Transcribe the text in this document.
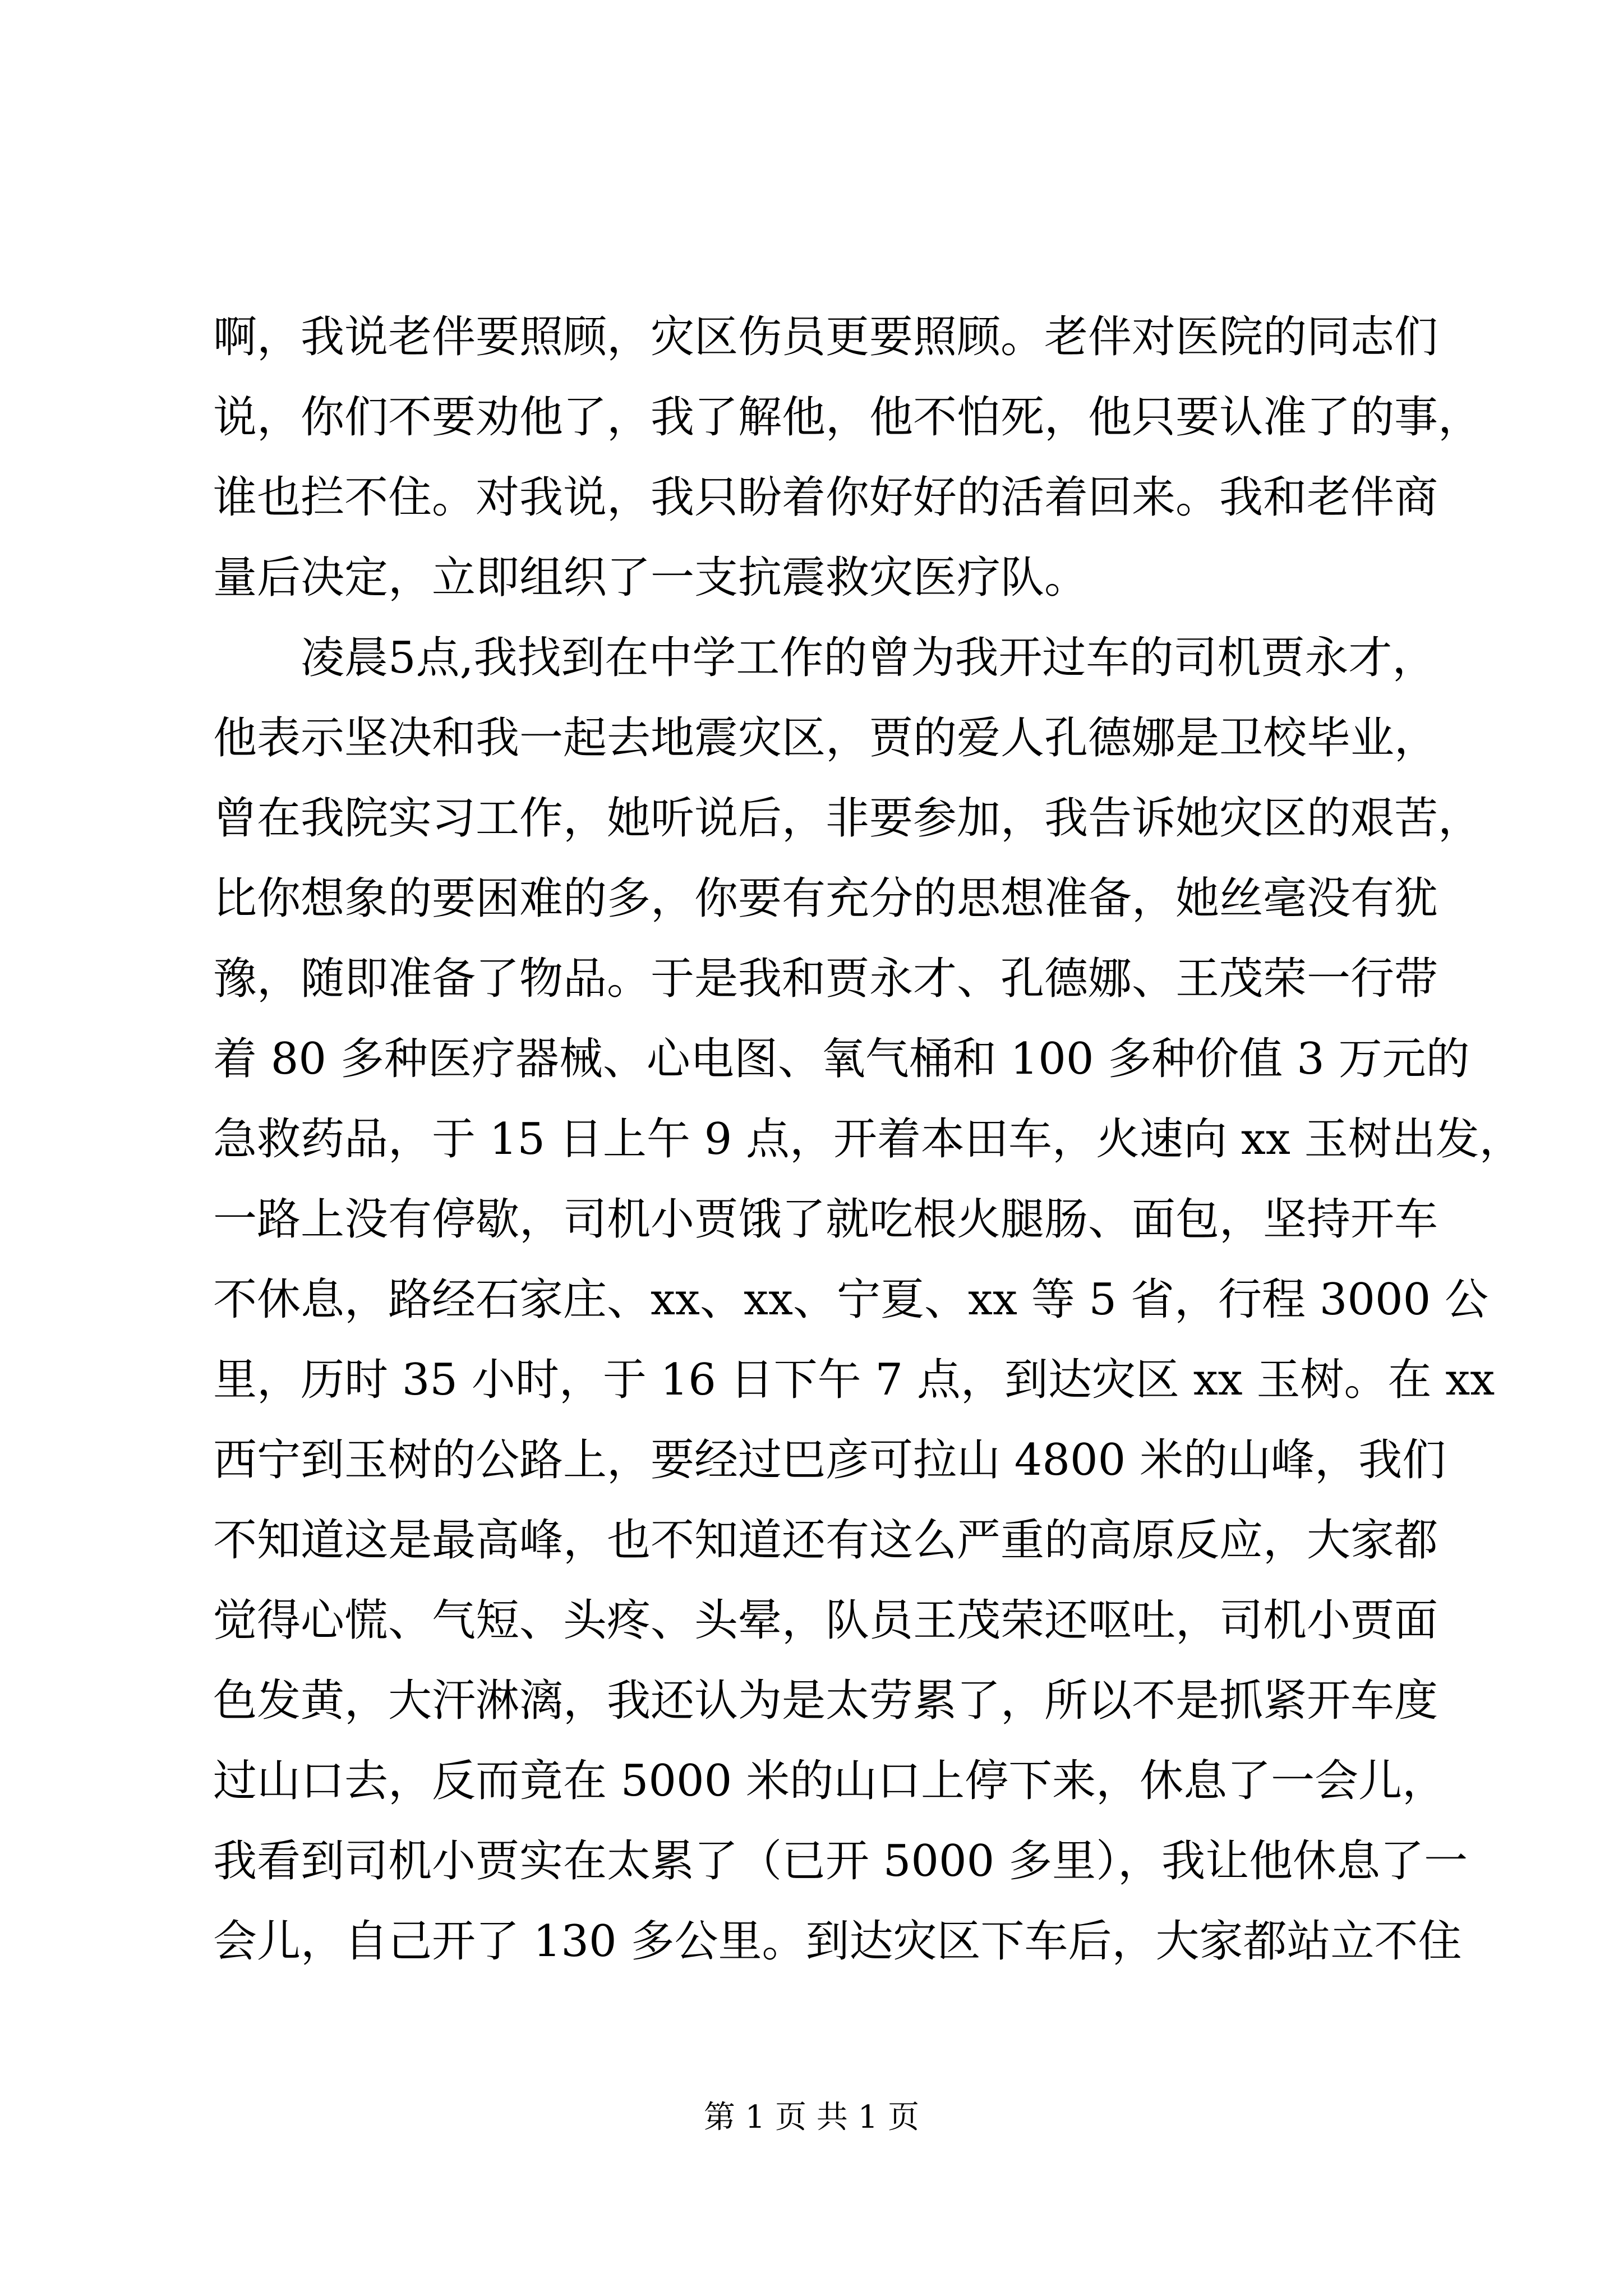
啊，我说老伴要照顾，灾区伤员更要照顾。老伴对医院的同志们
说，你们不要劝他了，我了解他，他不怕死，他只要认准了的事，
谁也拦不住。对我说，我只盼着你好好的活着回来。我和老伴商
量后决定，立即组织了一支抗震救灾医疗队。
凌晨5点,我找到在中学工作的曾为我开过车的司机贾永才，
他表示坚决和我一起去地震灾区，贾的爱人孔德娜是卫校毕业，
曾在我院实习工作，她听说后，非要参加，我告诉她灾区的艰苦，
比你想象的要困难的多，你要有充分的思想准备，她丝毫没有犹
豫，随即准备了物品。于是我和贾永才、孔德娜、王茂荣一行带
着 80 多种医疗器械、心电图、氧气桶和 100 多种价值 3 万元的
急救药品，于 15 日上午 9 点，开着本田车，火速向 xx 玉树出发，
一路上没有停歇，司机小贾饿了就吃根火腿肠、面包，坚持开车
不休息，路经石家庄、xx、xx、宁夏、xx 等 5 省，行程 3000 公
里，历时 35 小时，于 16 日下午 7 点，到达灾区 xx 玉树。在 xx
西宁到玉树的公路上，要经过巴彦可拉山 4800 米的山峰，我们
不知道这是最高峰，也不知道还有这么严重的高原反应，大家都
觉得心慌、气短、头疼、头晕，队员王茂荣还呕吐，司机小贾面
色发黄，大汗淋漓，我还认为是太劳累了，所以不是抓紧开车度
过山口去，反而竟在 5000 米的山口上停下来，休息了一会儿，
我看到司机小贾实在太累了（已开 5000 多里），我让他休息了一
会儿，自己开了 130 多公里。到达灾区下车后，大家都站立不住
第 1 页 共 1 页
